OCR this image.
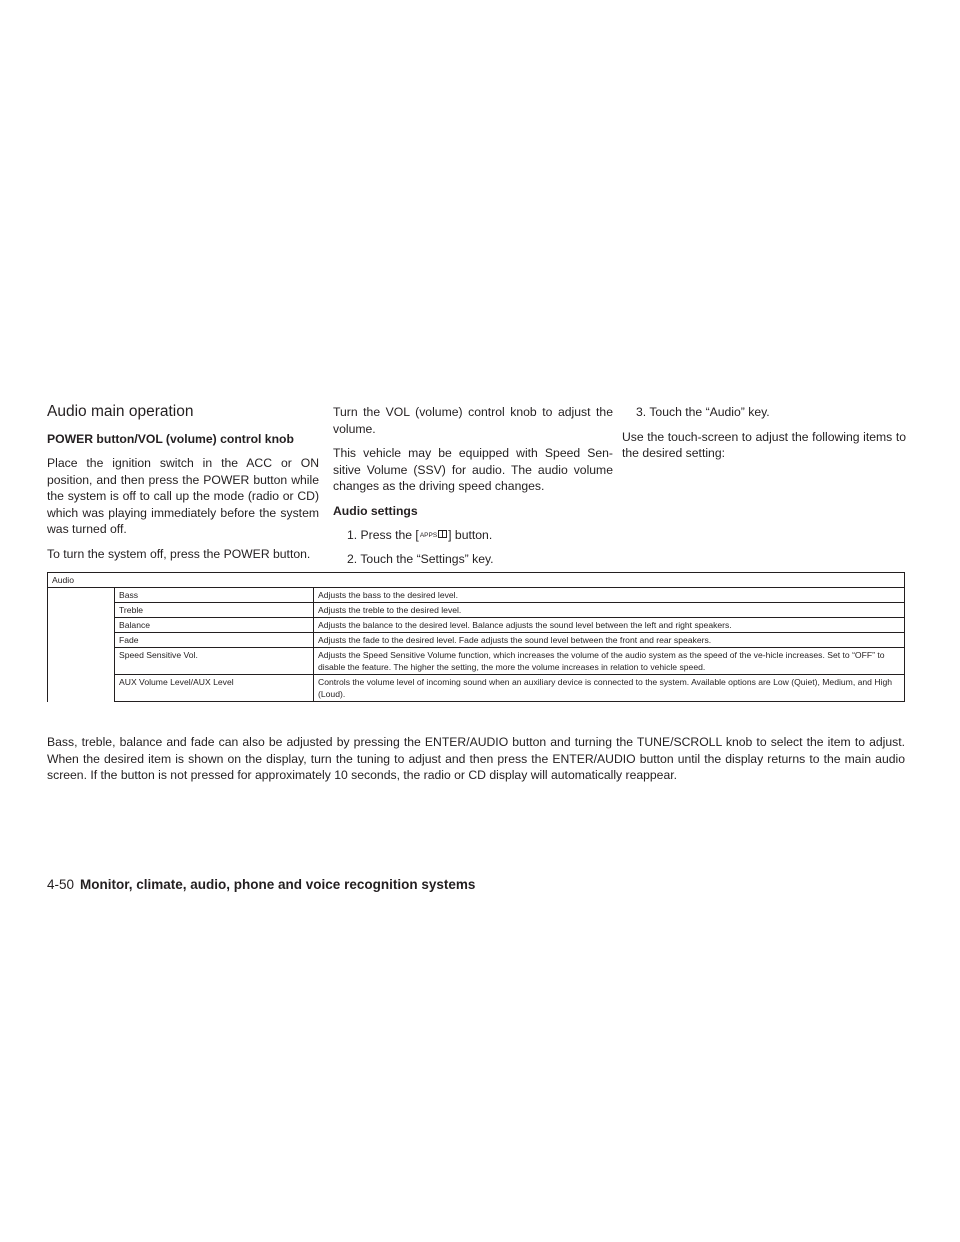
Audio main operation
POWER button/VOL (volume) control knob

Place the ignition switch in the ACC or ON position, and then press the POWER button while the system is off to call up the mode (radio or CD) which was playing immediately before the system was turned off.

To turn the system off, press the POWER button.

Turn the VOL (volume) control knob to adjust the volume.

This vehicle may be equipped with Speed Sen-sitive Volume (SSV) for audio. The audio volume changes as the driving speed changes.

Audio settings
1. Press the [APPS ] button.
2. Touch the “Settings” key.
3. Touch the “Audio” key.

Use the touch-screen to adjust the following items to the desired setting:

Audio		
	Bass	Adjusts the bass to the desired level.
	Treble	Adjusts the treble to the desired level.
	Balance	Adjusts the balance to the desired level. Balance adjusts the sound level between the left and right speakers.
	Fade	Adjusts the fade to the desired level. Fade adjusts the sound level between the front and rear speakers.
	Speed Sensitive Vol.	Adjusts the Speed Sensitive Volume function, which increases the volume of the audio system as the speed of the ve-hicle increases. Set to “OFF” to disable the feature. The higher the setting, the more the volume increases in relation to vehicle speed.
	AUX Volume Level/AUX Level	Controls the volume level of incoming sound when an auxiliary device is connected to the system. Available options are Low (Quiet), Medium, and High (Loud).

Bass, treble, balance and fade can also be adjusted by pressing the ENTER/AUDIO button and turning the TUNE/SCROLL knob to select the item to adjust. When the desired item is shown on the display, turn the tuning to adjust and then press the ENTER/AUDIO button until the display returns to the main audio screen. If the button is not pressed for approximately 10 seconds, the radio or CD display will automatically reappear.

4-50 Monitor, climate, audio, phone and voice recognition systems
